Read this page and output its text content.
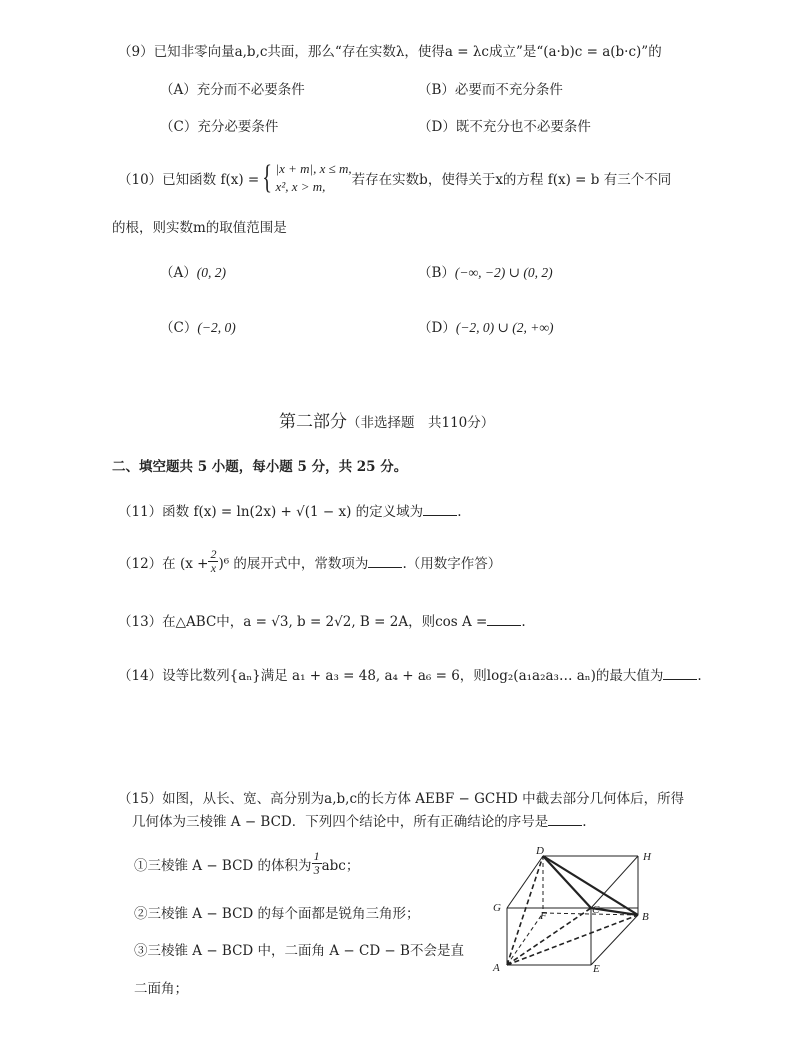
（9）已知非零向量a,b,c共面，那么“存在实数λ，使得a = λc成立”是“(a·b)c = a(b·c)”的
（A）充分而不必要条件	（B）必要而不充分条件
（C）充分必要条件	（D）既不充分也不必要条件
（10）已知函数 f(x) = { |x + m|, x ≤ m,
x², x > m,	若存在实数b，使得关于x的方程 f(x) = b 有三个不同
的根，则实数m的取值范围是
（A）(0, 2)	（B）(−∞, −2) ∪ (0, 2)
（C）(−2, 0)	（D）(−2, 0) ∪ (2, +∞)
第二部分（非选择题　共110分）
二、填空题共 5 小题，每小题 5 分，共 25 分。
（11）函数 f(x) = ln(2x) + √(1 − x) 的定义域为	.
（12）在 $(x + \frac{2}{x} )^6$ 的展开式中，常数项为	.（用数字作答）
（13）在△ABC中，a = √3, b = 2√2, B = 2A，则cos A =	.
（14）设等比数列{aₙ}满足 a₁ + a₃ = 48, a₄ + a₆ = 6，则log₂(a₁a₂a₃… aₙ)的最大值为	.
（15）如图，从长、宽、高分别为a,b,c的长方体 AEBF − GCHD 中截去部分几何体后，所得
几何体为三棱锥 A − BCD．下列四个结论中，所有正确结论的序号是	.
①三棱锥 A − BCD 的体积为 $\frac{1}{3}$ abc；
②三棱锥 A − BCD 的每个面都是锐角三角形；
③三棱锥 A − BCD 中，二面角 A − CD − B不会是直
二面角；
D	H
G
F	C
B
A	E
